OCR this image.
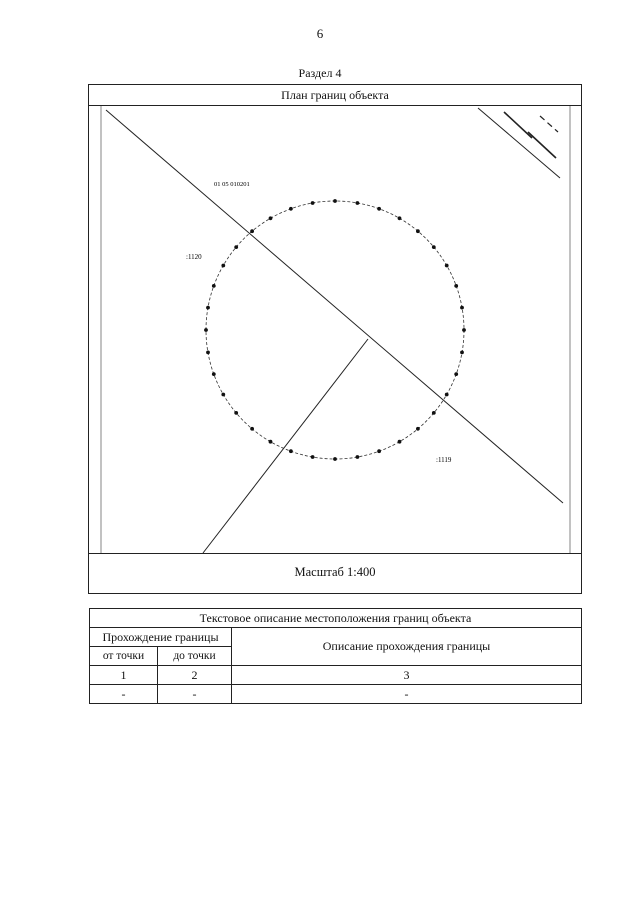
6
Раздел 4
План границ объекта
01 05 010201
:1120
:1119
Масштаб 1:400
Текстовое описание местоположения границ объекта		
Прохождение границы		Описание прохождения границы
от точки	до точки	
1	2	3
-	-	-
